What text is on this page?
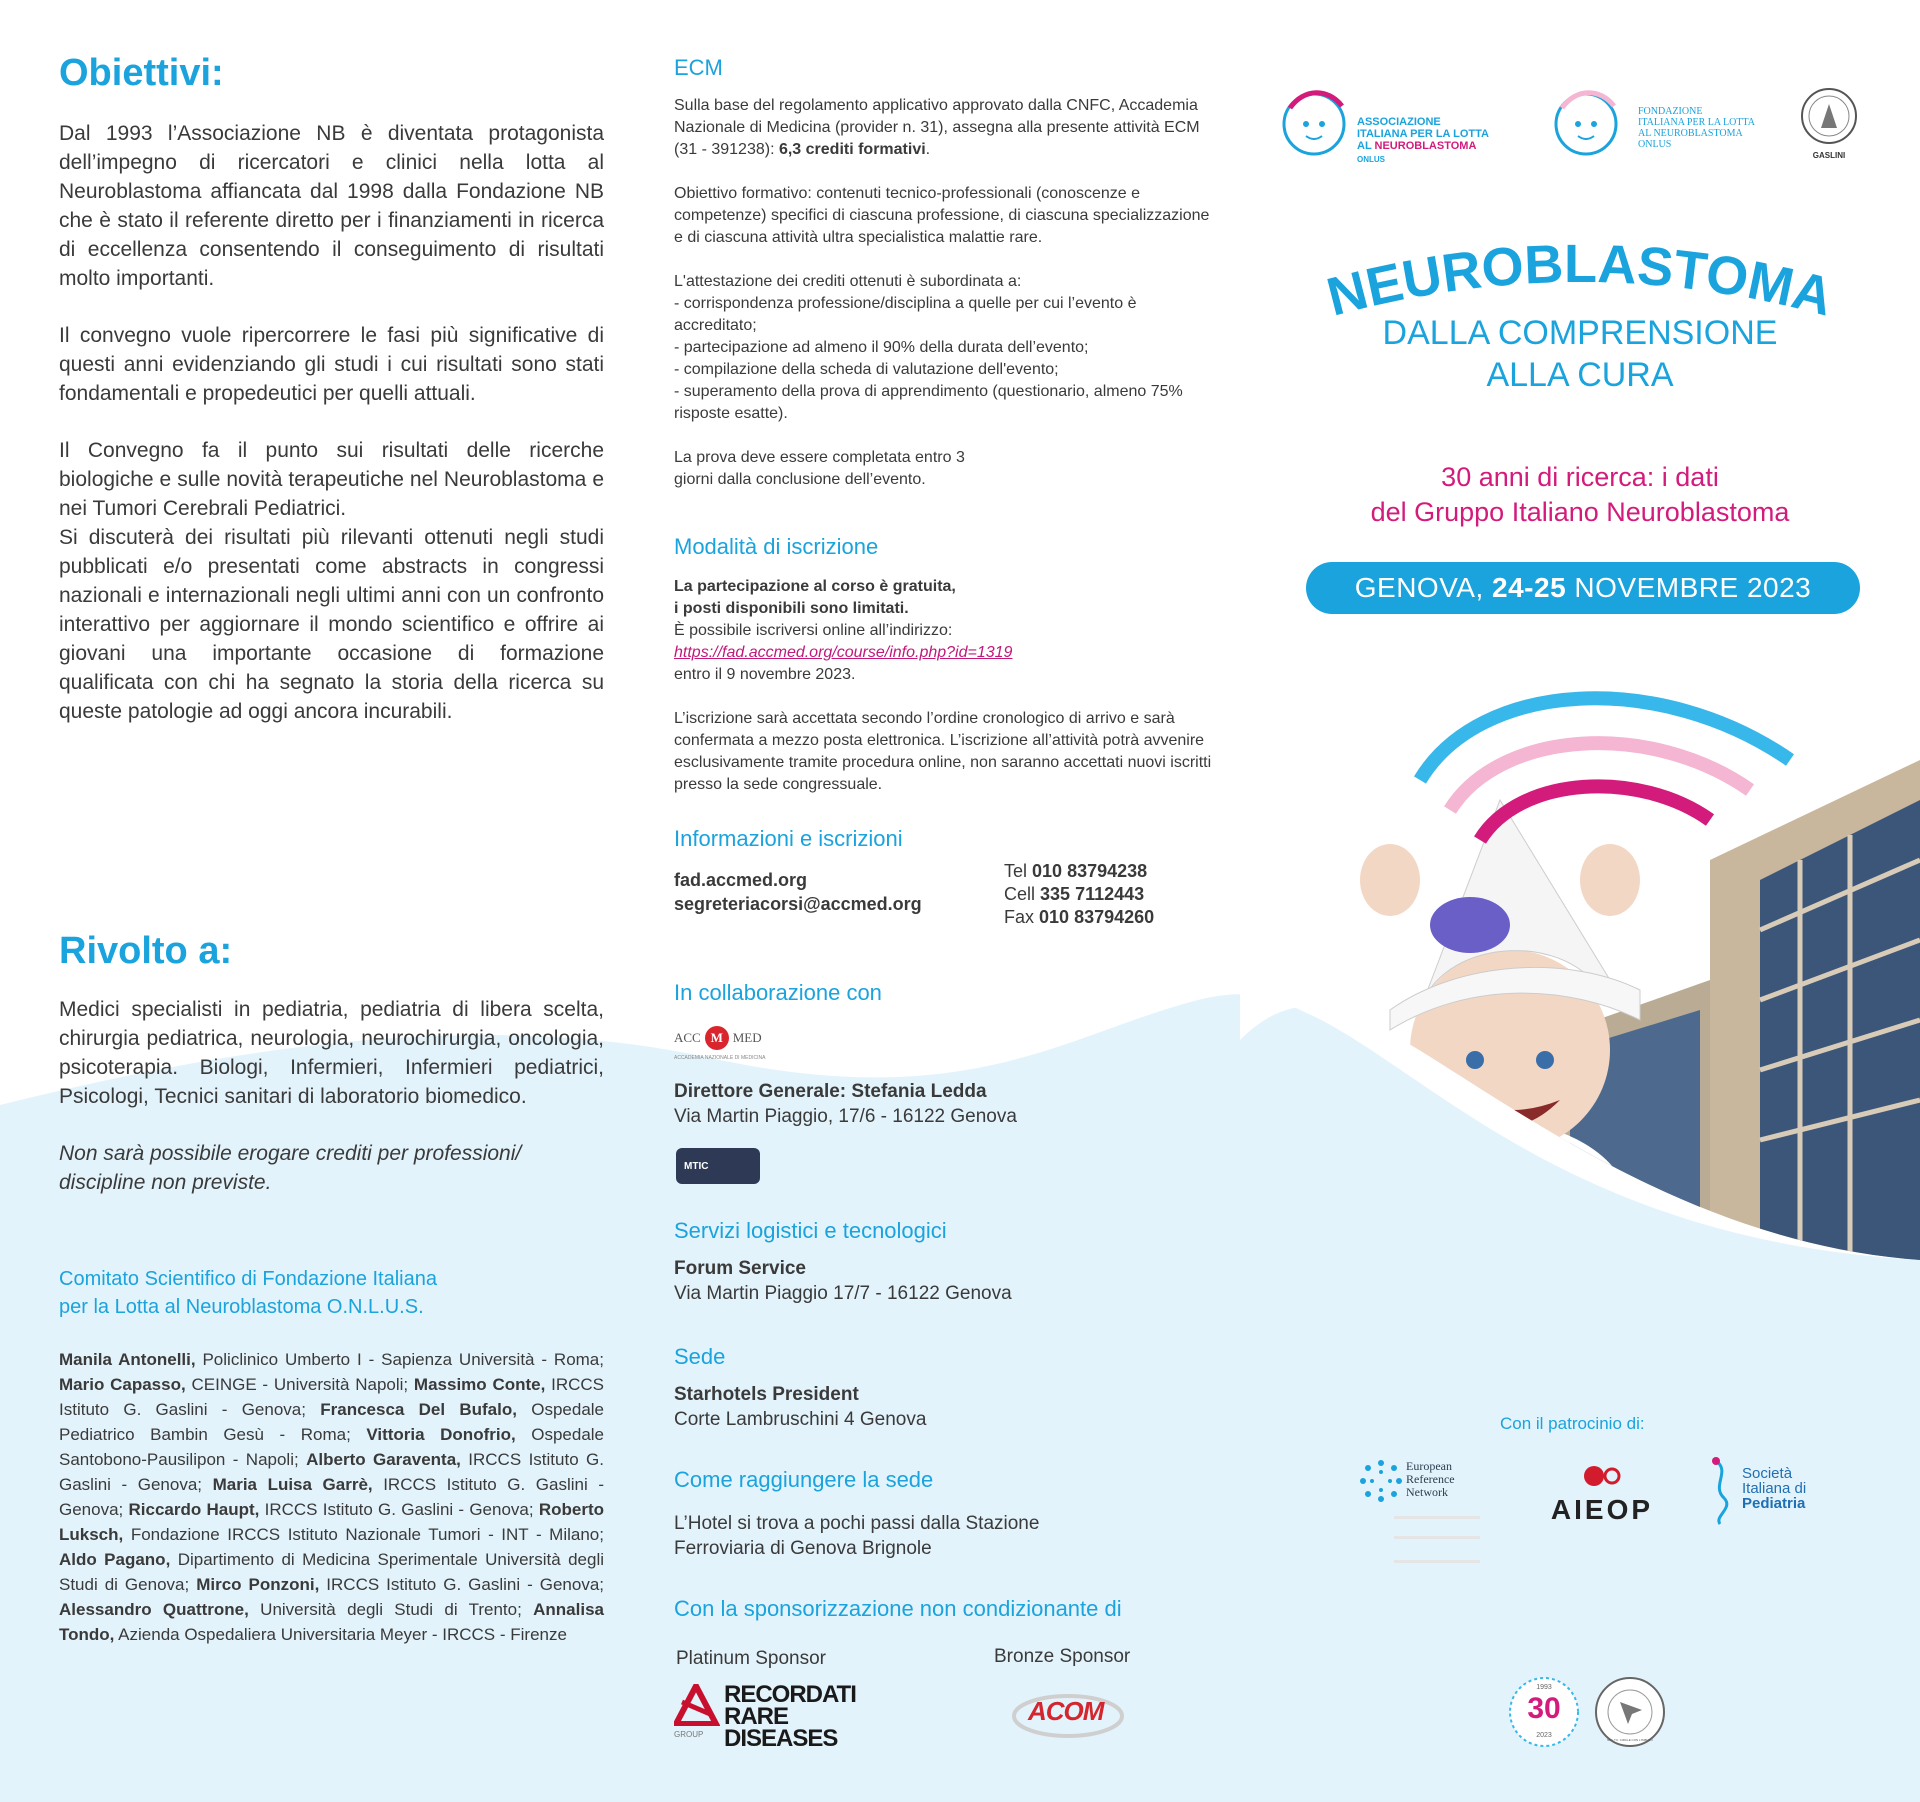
Obiettivi:

Dal 1993 l’Associazione NB è diventata protagonista dell’impegno di ricercatori e clinici nella lotta al Neuroblastoma affiancata dal 1998 dalla Fondazione NB che è stato il referente diretto per i finanziamenti in ricerca di eccellenza consentendo il conseguimento di risultati molto importanti.

Il convegno vuole ripercorrere le fasi più significative di questi anni evidenziando gli studi i cui risultati sono stati fondamentali e propedeutici per quelli attuali.

Il Convegno fa il punto sui risultati delle ricerche biologiche e sulle novità terapeutiche nel Neuroblastoma e nei Tumori Cerebrali Pediatrici.

Si discuterà dei risultati più rilevanti ottenuti negli studi pubblicati e/o presentati come abstracts in congressi nazionali e internazionali negli ultimi anni con un confronto interattivo per aggiornare il mondo scientifico e offrire ai giovani una importante occasione di formazione qualificata con chi ha segnato la storia della ricerca su queste patologie ad oggi ancora incurabili.

Rivolto a:

Medici specialisti in pediatria, pediatria di libera scelta, chirurgia pediatrica, neurologia, neurochirurgia, oncologia, psicoterapia. Biologi, Infermieri, Infermieri pediatrici, Psicologi, Tecnici sanitari di laboratorio biomedico.

Non sarà possibile erogare crediti per professioni/ discipline non previste.

Comitato Scientifico di Fondazione Italiana
per la Lotta al Neuroblastoma O.N.L.U.S.

Manila Antonelli, Policlinico Umberto I - Sapienza Università - Roma; Mario Capasso, CEINGE - Università Napoli; Massimo Conte, IRCCS Istituto G. Gaslini - Genova; Francesca Del Bufalo, Ospedale Pediatrico Bambin Gesù - Roma; Vittoria Donofrio, Ospedale Santobono-Pausilipon - Napoli; Alberto Garaventa, IRCCS Istituto G. Gaslini - Genova; Maria Luisa Garrè, IRCCS Istituto G. Gaslini - Genova; Riccardo Haupt, IRCCS Istituto G. Gaslini - Genova; Roberto Luksch, Fondazione IRCCS Istituto Nazionale Tumori - INT - Milano; Aldo Pagano, Dipartimento di Medicina Sperimentale Università degli Studi di Genova; Mirco Ponzoni, IRCCS Istituto G. Gaslini - Genova; Alessandro Quattrone, Università degli Studi di Trento; Annalisa Tondo, Azienda Ospedaliera Universitaria Meyer - IRCCS - Firenze

ECM

Sulla base del regolamento applicativo approvato dalla CNFC, Accademia Nazionale di Medicina (provider n. 31), assegna alla presente attività ECM (31 - 391238): 6,3 crediti formativi.

Obiettivo formativo: contenuti tecnico-professionali (conoscenze e competenze) specifici di ciascuna professione, di ciascuna specializzazione e di ciascuna attività ultra specialistica malattie rare.

L'attestazione dei crediti ottenuti è subordinata a:

- corrispondenza professione/disciplina a quelle per cui l’evento è accreditato;
- partecipazione ad almeno il 90% della durata dell’evento;
- compilazione della scheda di valutazione dell'evento;
- superamento della prova di apprendimento (questionario, almeno 75% risposte esatte).

La prova deve essere completata entro 3 giorni dalla conclusione dell’evento.

Modalità di iscrizione
La partecipazione al corso è gratuita,
i posti disponibili sono limitati.
È possibile iscriversi online all’indirizzo:
https://fad.accmed.org/course/info.php?id=1319
entro il 9 novembre 2023.

L’iscrizione sarà accettata secondo l’ordine cronologico di arrivo e sarà confermata a mezzo posta elettronica. L’iscrizione all’attività potrà avvenire esclusivamente tramite procedura online, non saranno accettati nuovi iscritti presso la sede congressuale.

Informazioni e iscrizioni
fad.accmed.org
segreteriacorsi@accmed.org
Tel 010 83794238
Cell 335 7112443
Fax 010 83794260
In collaborazione con
ACC M MED
ACCADEMIA NAZIONALE DI MEDICINA
Direttore Generale: Stefania Ledda
Via Martin Piaggio, 17/6 - 16122 Genova
MTIC
Servizi logistici e tecnologici
Forum Service
Via Martin Piaggio 17/7 - 16122 Genova
Sede
Starhotels President
Corte Lambruschini 4 Genova
Come raggiungere la sede
L’Hotel si trova a pochi passi dalla Stazione
Ferroviaria di Genova Brignole
Con la sponsorizzazione non condizionante di
Platinum Sponsor	Bronze Sponsor
RECORDATI
RARE DISEASES
GROUP
ACOM
ASSOCIAZIONE
ITALIANA PER LA LOTTA
AL NEUROBLASTOMA ONLUS
FONDAZIONE
ITALIANA PER LA LOTTA
AL NEUROBLASTOMA
ONLUS
GASLINI
NEUROBLASTOMA
DALLA COMPRENSIONE
ALLA CURA
30 anni di ricerca: i dati
del Gruppo Italiano Neuroblastoma
GENOVA, 24-25 NOVEMBRE 2023
Con il patrocinio di:
European
Reference
Network
AIEOP
Società
Italiana di
Pediatria
1993
30
2023
NOI, TU, CIRCLE CON L'IMBUTO
